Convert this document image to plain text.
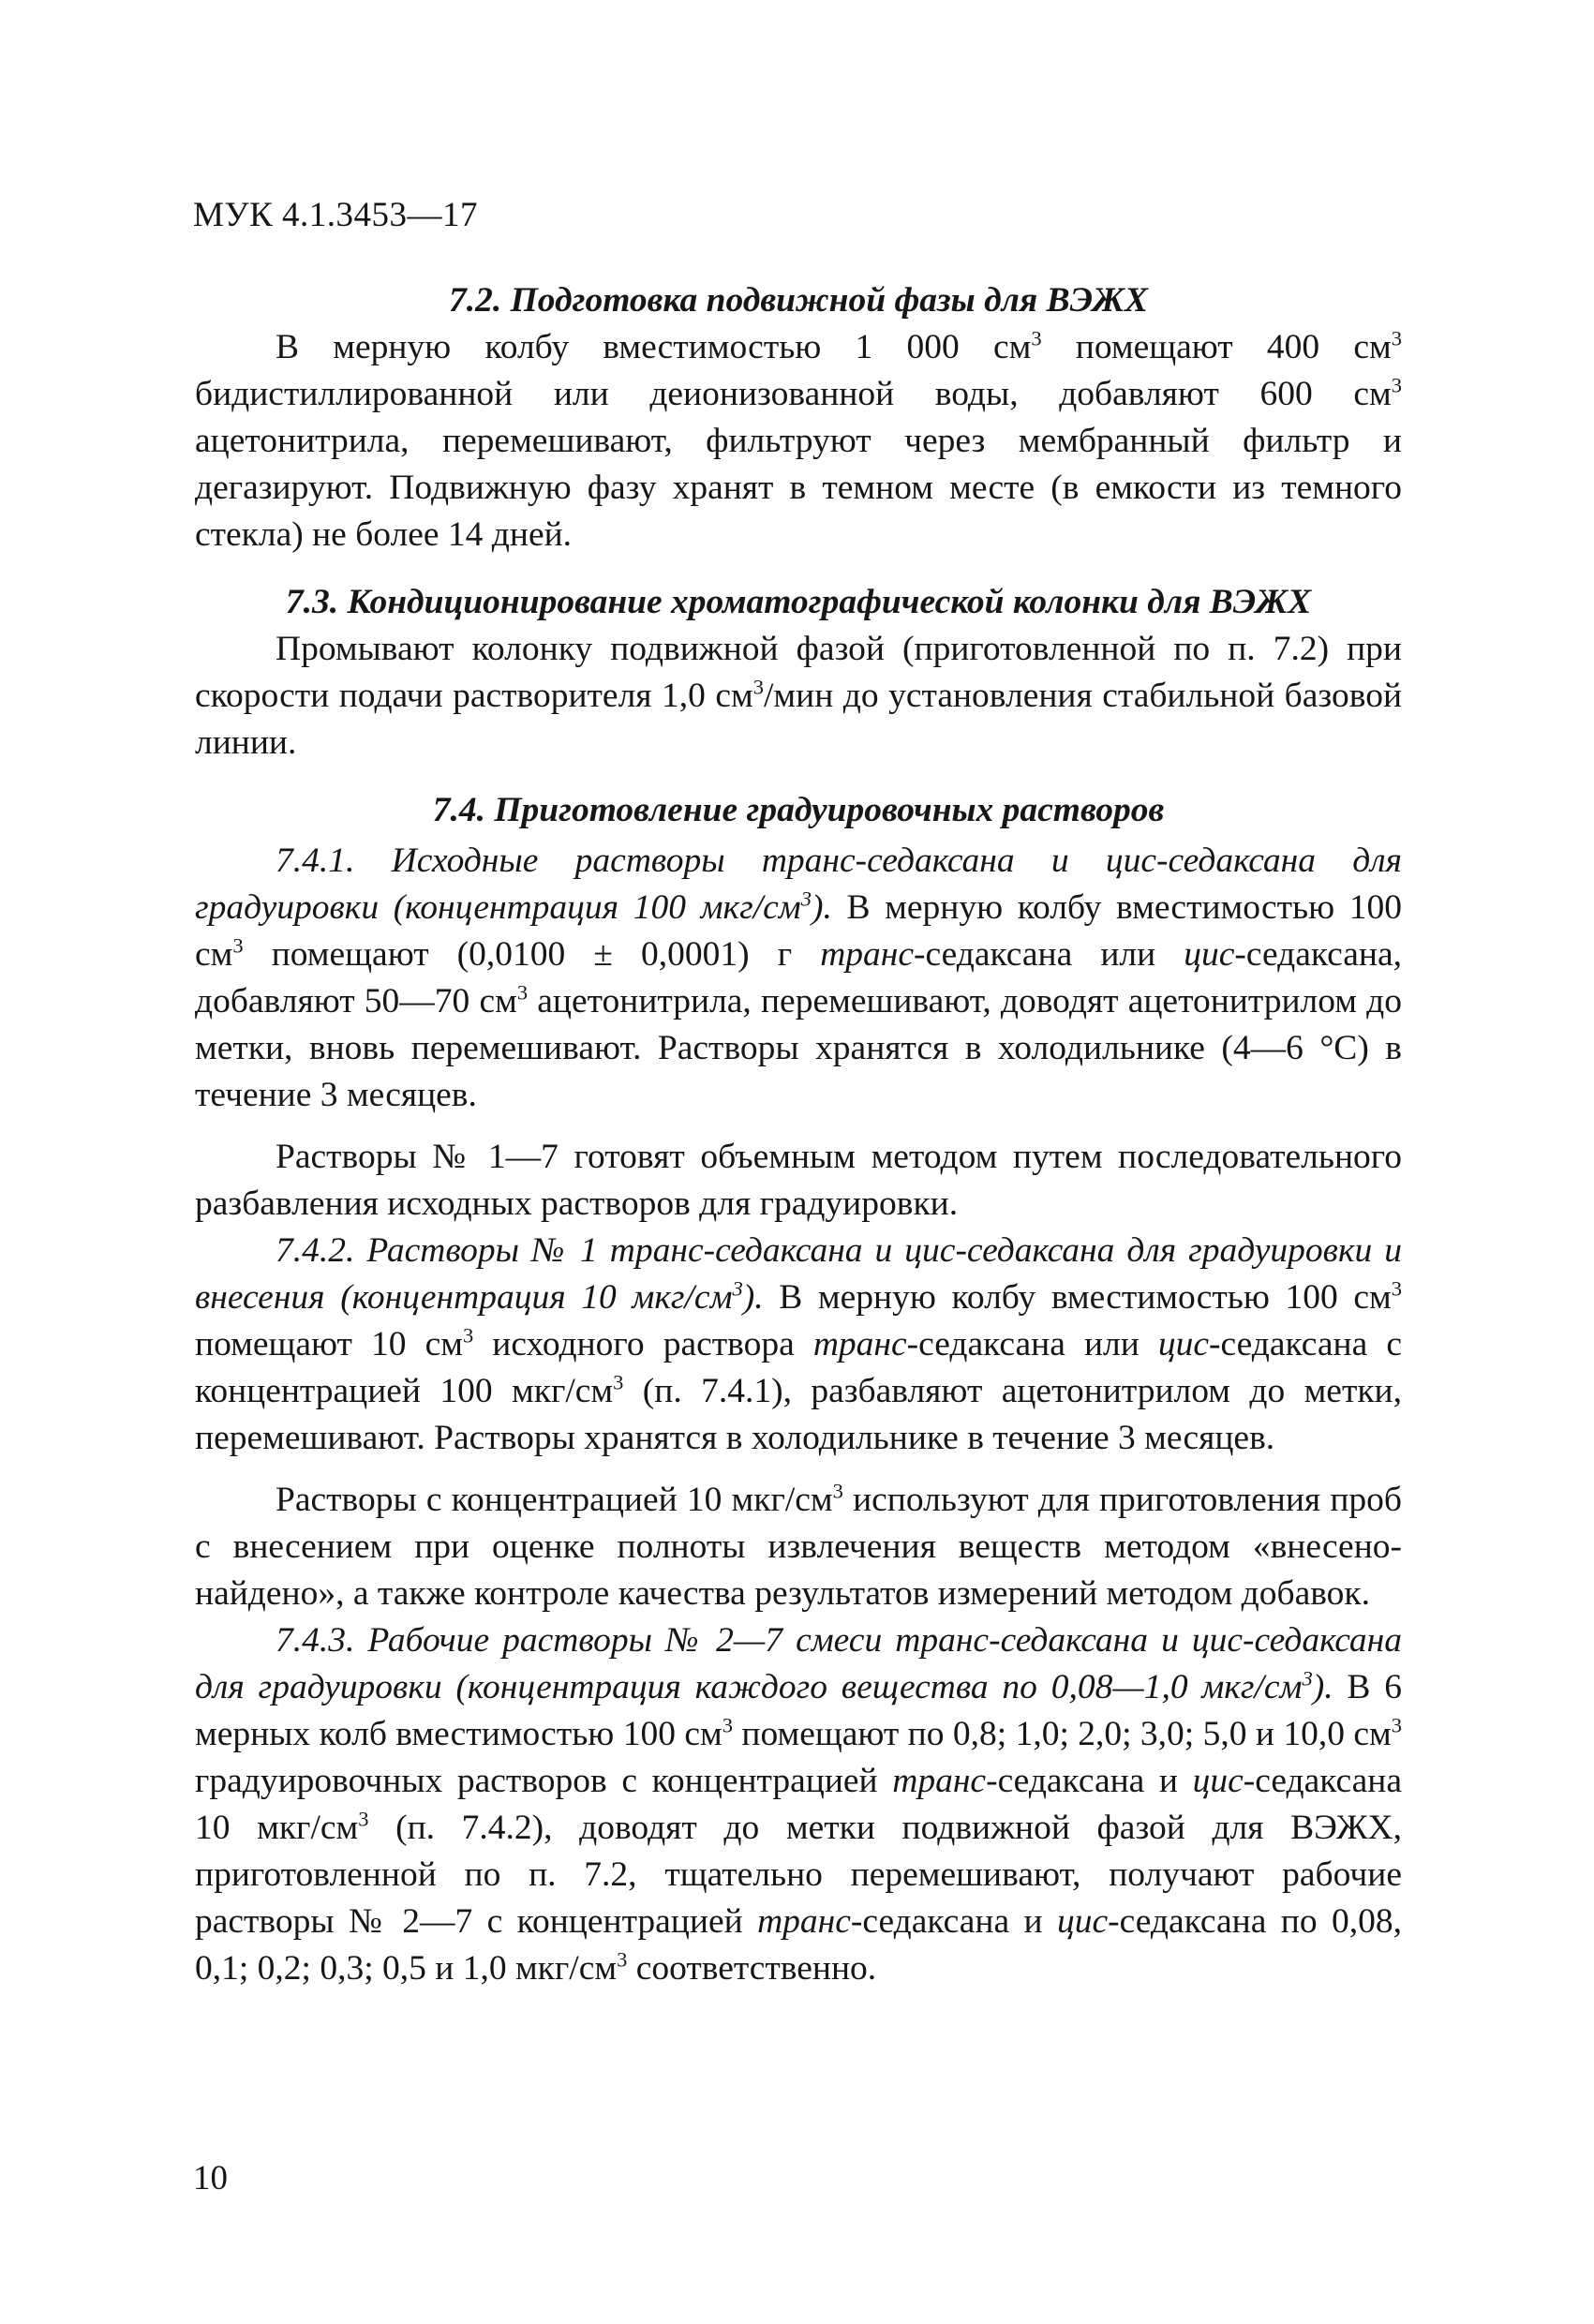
МУК 4.1.3453—17
7.2. Подготовка подвижной фазы для ВЭЖХ

В мерную колбу вместимостью 1 000 $см^3$ помещают 400 $см^3$ бидистиллированной или деионизованной воды, добавляют 600 $см^3$ ацетонитрила, перемешивают, фильтруют через мембранный фильтр и дегазируют. Подвижную фазу хранят в темном месте (в емкости из темного стекла) не более 14 дней.

7.3. Кондиционирование хроматографической колонки для ВЭЖХ

Промывают колонку подвижной фазой (приготовленной по п. 7.2) при скорости подачи растворителя 1,0 $см^3$/мин до установления стабильной базовой линии.

7.4. Приготовление градуировочных растворов

7.4.1. Исходные растворы транс-седаксана и цис-седаксана для градуировки (концентрация 100 мкг/$см^3$). В мерную колбу вместимостью 100 $см^3$ помещают (0,0100 ± 0,0001) г транс-седаксана или цис-седаксана, добавляют 50—70 $см^3$ ацетонитрила, перемешивают, доводят ацетонитрилом до метки, вновь перемешивают. Растворы хранятся в холодильнике (4—6 °С) в течение 3 месяцев.

Растворы № 1—7 готовят объемным методом путем последовательного разбавления исходных растворов для градуировки.

7.4.2. Растворы № 1 транс-седаксана и цис-седаксана для градуировки и внесения (концентрация 10 мкг/$см^3$). В мерную колбу вместимостью 100 $см^3$ помещают 10 $см^3$ исходного раствора транс-седаксана или цис-седаксана с концентрацией 100 мкг/$см^3$ (п. 7.4.1), разбавляют ацетонитрилом до метки, перемешивают. Растворы хранятся в холодильнике в течение 3 месяцев.

Растворы с концентрацией 10 мкг/$см^3$ используют для приготовления проб с внесением при оценке полноты извлечения веществ методом «внесено-найдено», а также контроле качества результатов измерений методом добавок.

7.4.3. Рабочие растворы № 2—7 смеси транс-седаксана и цис-седаксана для градуировки (концентрация каждого вещества по 0,08—1,0 мкг/$см^3$). В 6 мерных колб вместимостью 100 $см^3$ помещают по 0,8; 1,0; 2,0; 3,0; 5,0 и 10,0 $см^3$ градуировочных растворов с концентрацией транс-седаксана и цис-седаксана 10 мкг/$см^3$ (п. 7.4.2), доводят до метки подвижной фазой для ВЭЖХ, приготовленной по п. 7.2, тщательно перемешивают, получают рабочие растворы № 2—7 с концентрацией транс-седаксана и цис-седаксана по 0,08, 0,1; 0,2; 0,3; 0,5 и 1,0 мкг/$см^3$ соответственно.

10
